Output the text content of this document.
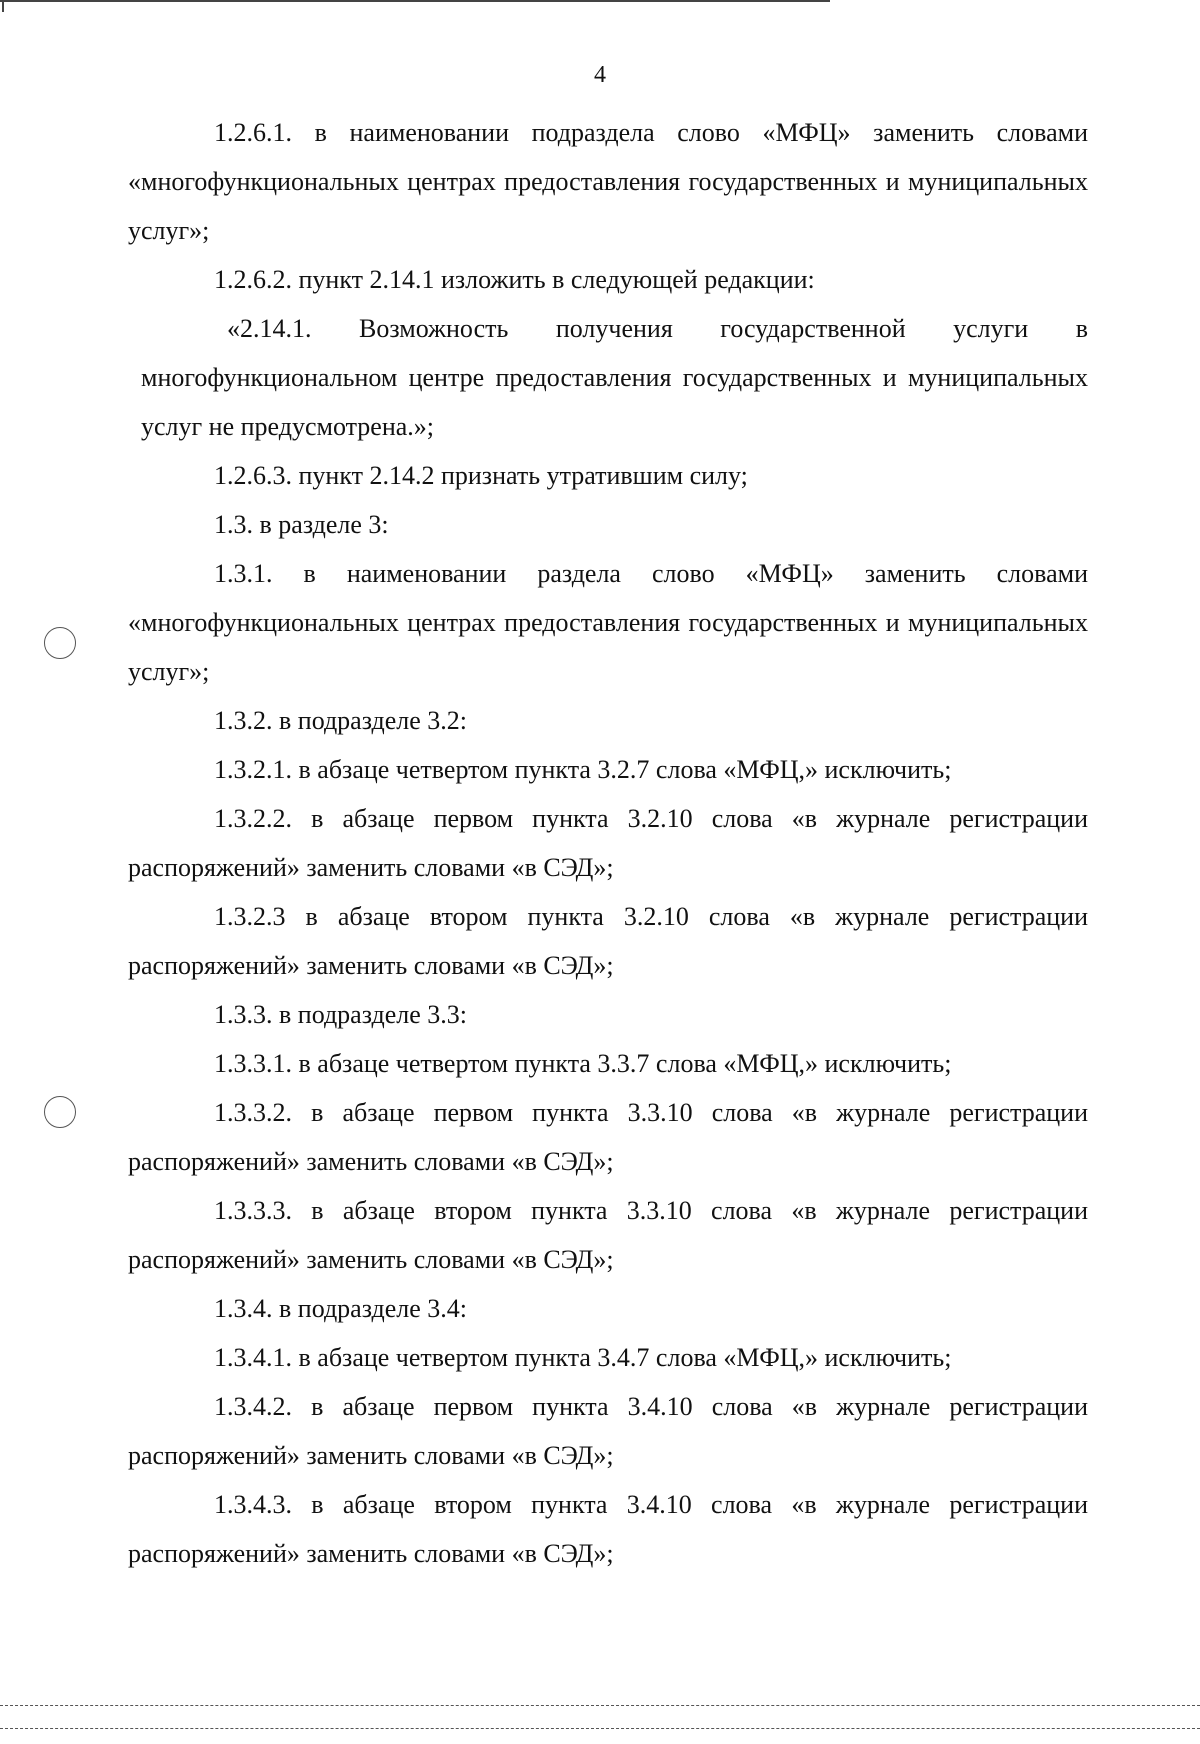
4

1.2.6.1. в наименовании подраздела слово «МФЦ» заменить словами «многофункциональных центрах предоставления государственных и муниципальных услуг»;

1.2.6.2. пункт 2.14.1 изложить в следующей редакции:

«2.14.1. Возможность получения государственной услуги в многофункциональном центре предоставления государственных и муниципальных услуг не предусмотрена.»;

1.2.6.3. пункт 2.14.2 признать утратившим силу;

1.3. в разделе 3:

1.3.1. в наименовании раздела слово «МФЦ» заменить словами «многофункциональных центрах предоставления государственных и муниципальных услуг»;

1.3.2. в подразделе 3.2:

1.3.2.1. в абзаце четвертом пункта 3.2.7 слова «МФЦ,» исключить;

1.3.2.2. в абзаце первом пункта 3.2.10 слова «в журнале регистрации распоряжений» заменить словами «в СЭД»;

1.3.2.3 в абзаце втором пункта 3.2.10 слова «в журнале регистрации распоряжений» заменить словами «в СЭД»;

1.3.3. в подразделе 3.3:

1.3.3.1. в абзаце четвертом пункта 3.3.7 слова «МФЦ,» исключить;

1.3.3.2. в абзаце первом пункта 3.3.10 слова «в журнале регистрации распоряжений» заменить словами «в СЭД»;

1.3.3.3. в абзаце втором пункта 3.3.10 слова «в журнале регистрации распоряжений» заменить словами «в СЭД»;

1.3.4. в подразделе 3.4:

1.3.4.1. в абзаце четвертом пункта 3.4.7 слова «МФЦ,» исключить;

1.3.4.2. в абзаце первом пункта 3.4.10 слова «в журнале регистрации распоряжений» заменить словами «в СЭД»;

1.3.4.3. в абзаце втором пункта 3.4.10 слова «в журнале регистрации распоряжений» заменить словами «в СЭД»;
